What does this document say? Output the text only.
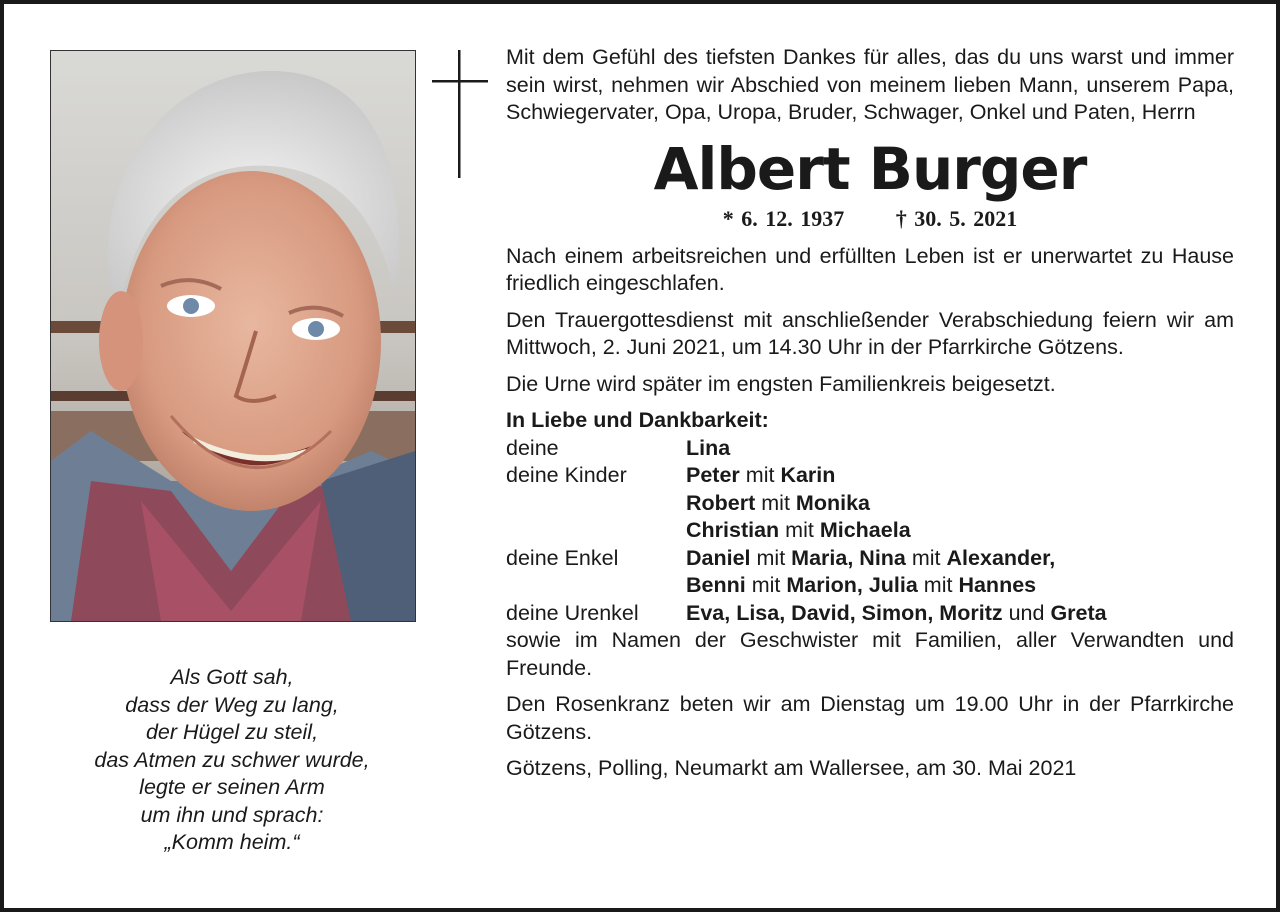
Als Gott sah,
dass der Weg zu lang,
der Hügel zu steil,
das Atmen zu schwer wurde,
legte er seinen Arm
um ihn und sprach:
„Komm heim.“
Mit dem Gefühl des tiefsten Dankes für alles, das du uns warst und immer sein wirst, nehmen wir Abschied von meinem lieben Mann, unserem Papa, Schwiegervater, Opa, Uropa, Bruder, Schwager, Onkel und Paten, Herrn
Albert Burger
* 6. 12. 1937 † 30. 5. 2021
Nach einem arbeitsreichen und erfüllten Leben ist er unerwartet zu Hause friedlich eingeschlafen.
Den Trauergottesdienst mit anschließender Verabschiedung feiern wir am Mittwoch, 2. Juni 2021, um 14.30 Uhr in der Pfarrkirche Götzens.
Die Urne wird später im engsten Familienkreis beigesetzt.
In Liebe und Dankbarkeit:
deine	Lina
deine Kinder	Peter mit Karin
Robert mit Monika
Christian mit Michaela
deine Enkel	Daniel mit Maria, Nina mit Alexander,
Benni mit Marion, Julia mit Hannes
deine Urenkel	Eva, Lisa, David, Simon, Moritz und Greta
sowie im Namen der Geschwister mit Familien, aller Verwandten und Freunde.
Den Rosenkranz beten wir am Dienstag um 19.00 Uhr in der Pfarrkirche Götzens.
Götzens, Polling, Neumarkt am Wallersee, am 30. Mai 2021
